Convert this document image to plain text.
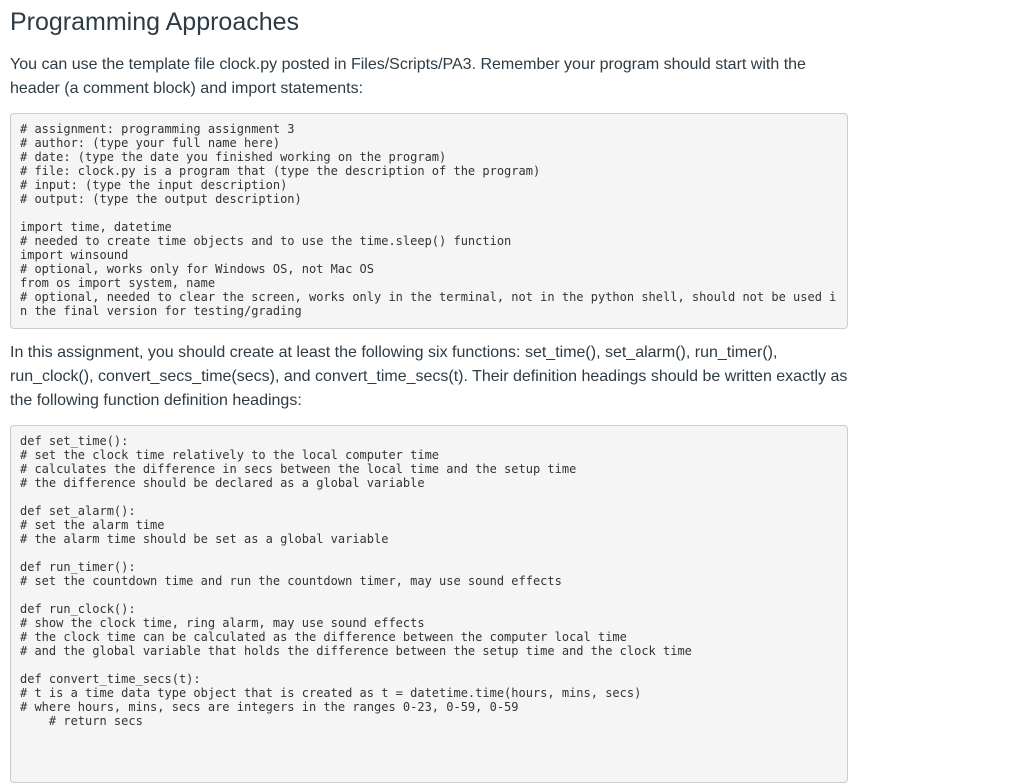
Programming Approaches

You can use the template file clock.py posted in Files/Scripts/PA3. Remember your program should start with the header (a comment block) and import statements:

# assignment: programming assignment 3
# author: (type your full name here)
# date: (type the date you finished working on the program)
# file: clock.py is a program that (type the description of the program)
# input: (type the input description)
# output: (type the output description)
import time, datetime
# needed to create time objects and to use the time.sleep() function
import winsound
# optional, works only for Windows OS, not Mac OS
from os import system, name
# optional, needed to clear the screen, works only in the terminal, not in the python shell, should not be used i
n the final version for testing/grading

In this assignment, you should create at least the following six functions: set_time(), set_alarm(), run_timer(), run_clock(), convert_secs_time(secs), and convert_time_secs(t). Their definition headings should be written exactly as the following function definition headings:

def set_time():
# set the clock time relatively to the local computer time
# calculates the difference in secs between the local time and the setup time
# the difference should be declared as a global variable
def set_alarm():
# set the alarm time
# the alarm time should be set as a global variable
def run_timer():
# set the countdown time and run the countdown timer, may use sound effects
def run_clock():
# show the clock time, ring alarm, may use sound effects
# the clock time can be calculated as the difference between the computer local time
# and the global variable that holds the difference between the setup time and the clock time
def convert_time_secs(t):
# t is a time data type object that is created as t = datetime.time(hours, mins, secs)
# where hours, mins, secs are integers in the ranges 0-23, 0-59, 0-59
# return secs
